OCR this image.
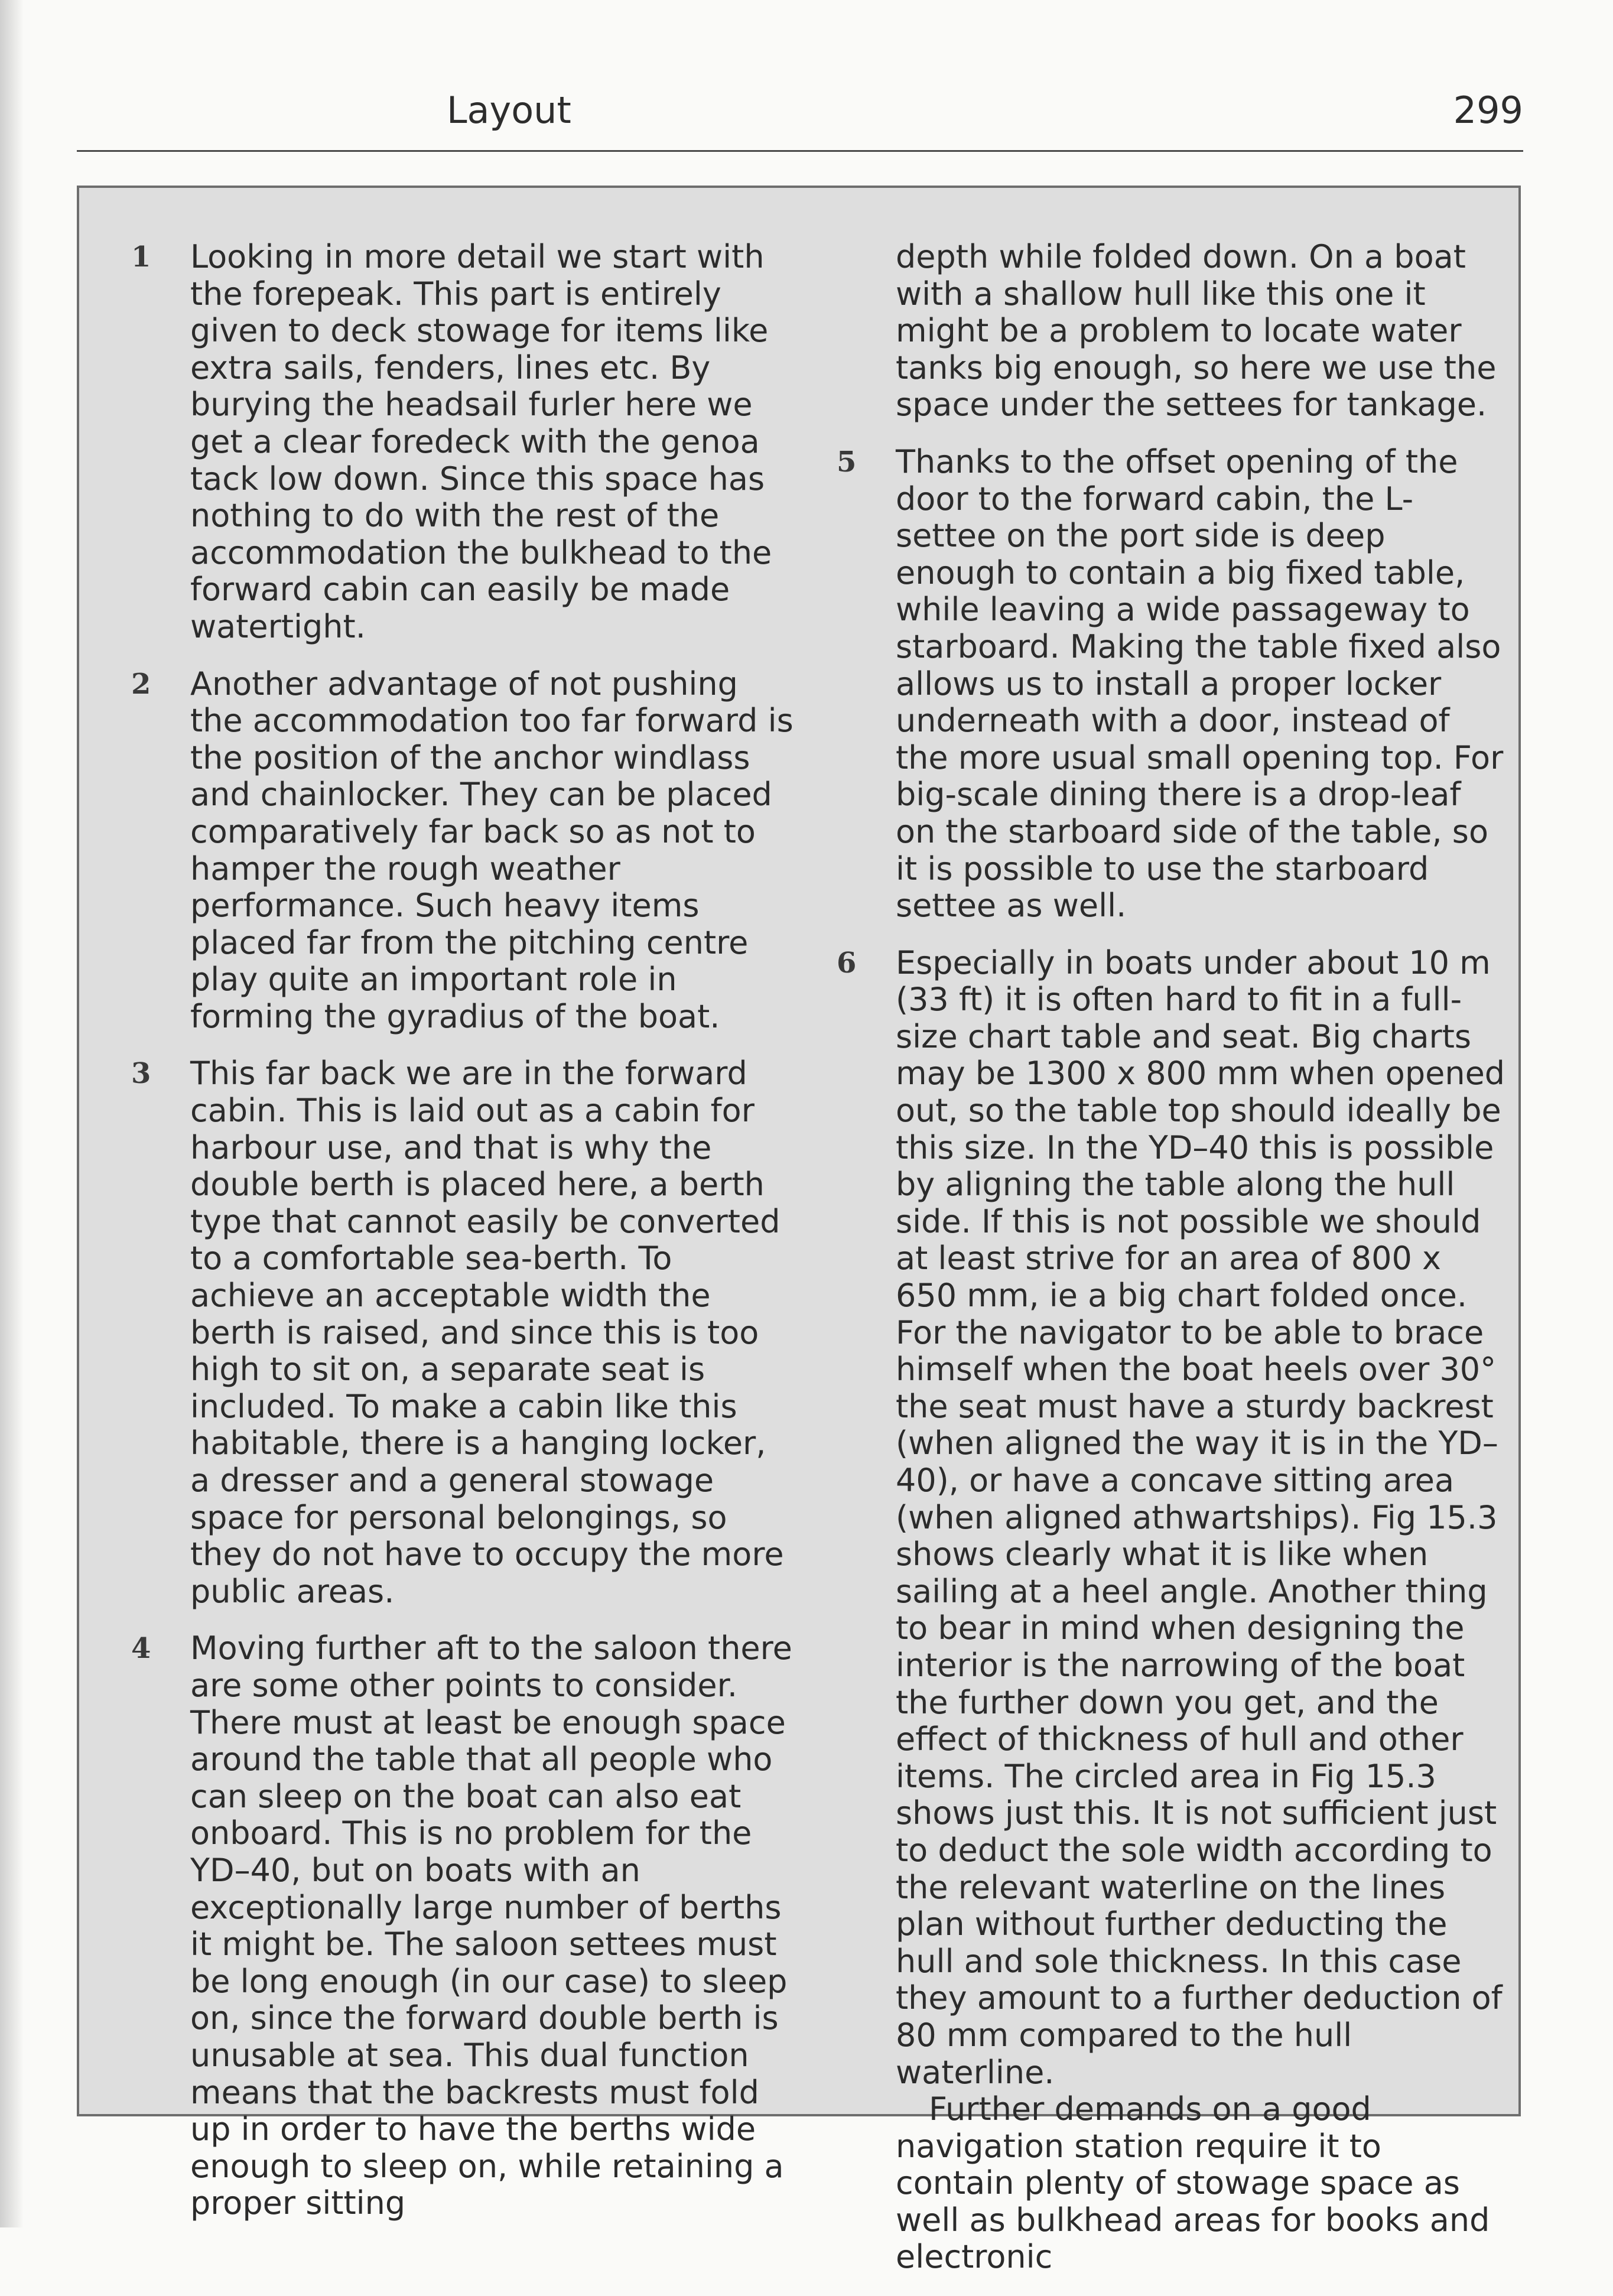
Layout	299
1 Looking in more detail we start with the forepeak. This part is entirely given to deck stowage for items like extra sails, fenders, lines etc. By burying the headsail furler here we get a clear foredeck with the genoa tack low down. Since this space has nothing to do with the rest of the accommodation the bulkhead to the forward cabin can easily be made watertight.
2 Another advantage of not pushing the accommodation too far forward is the position of the anchor windlass and chainlocker. They can be placed comparatively far back so as not to hamper the rough weather performance. Such heavy items placed far from the pitching centre play quite an important role in forming the gyradius of the boat.
3 This far back we are in the forward cabin. This is laid out as a cabin for harbour use, and that is why the double berth is placed here, a berth type that cannot easily be converted to a comfortable sea-berth. To achieve an acceptable width the berth is raised, and since this is too high to sit on, a separate seat is included. To make a cabin like this habitable, there is a hanging locker, a dresser and a general stowage space for personal belongings, so they do not have to occupy the more public areas.
4 Moving further aft to the saloon there are some other points to consider. There must at least be enough space around the table that all people who can sleep on the boat can also eat onboard. This is no problem for the YD–40, but on boats with an exceptionally large number of berths it might be. The saloon settees must be long enough (in our case) to sleep on, since the forward double berth is unusable at sea. This dual function means that the backrests must fold up in order to have the berths wide enough to sleep on, while retaining a proper sitting
depth while folded down. On a boat with a shallow hull like this one it might be a problem to locate water tanks big enough, so here we use the space under the settees for tankage.
5 Thanks to the offset opening of the door to the forward cabin, the L-settee on the port side is deep enough to contain a big fixed table, while leaving a wide passageway to starboard. Making the table fixed also allows us to install a proper locker underneath with a door, instead of the more usual small opening top. For big-scale dining there is a drop-leaf on the starboard side of the table, so it is possible to use the starboard settee as well.
6 Especially in boats under about 10 m (33 ft) it is often hard to fit in a full-size chart table and seat. Big charts may be 1300 x 800 mm when opened out, so the table top should ideally be this size. In the YD–40 this is possible by aligning the table along the hull side. If this is not possible we should at least strive for an area of 800 x 650 mm, ie a big chart folded once. For the navigator to be able to brace himself when the boat heels over 30° the seat must have a sturdy backrest (when aligned the way it is in the YD–40), or have a concave sitting area (when aligned athwartships). Fig 15.3 shows clearly what it is like when sailing at a heel angle. Another thing to bear in mind when designing the interior is the narrowing of the boat the further down you get, and the effect of thickness of hull and other items. The circled area in Fig 15.3 shows just this. It is not sufficient just to deduct the sole width according to the relevant waterline on the lines plan without further deducting the hull and sole thickness. In this case they amount to a further deduction of 80 mm compared to the hull waterline.
Further demands on a good navigation station require it to contain plenty of stowage space as well as bulkhead areas for books and electronic
